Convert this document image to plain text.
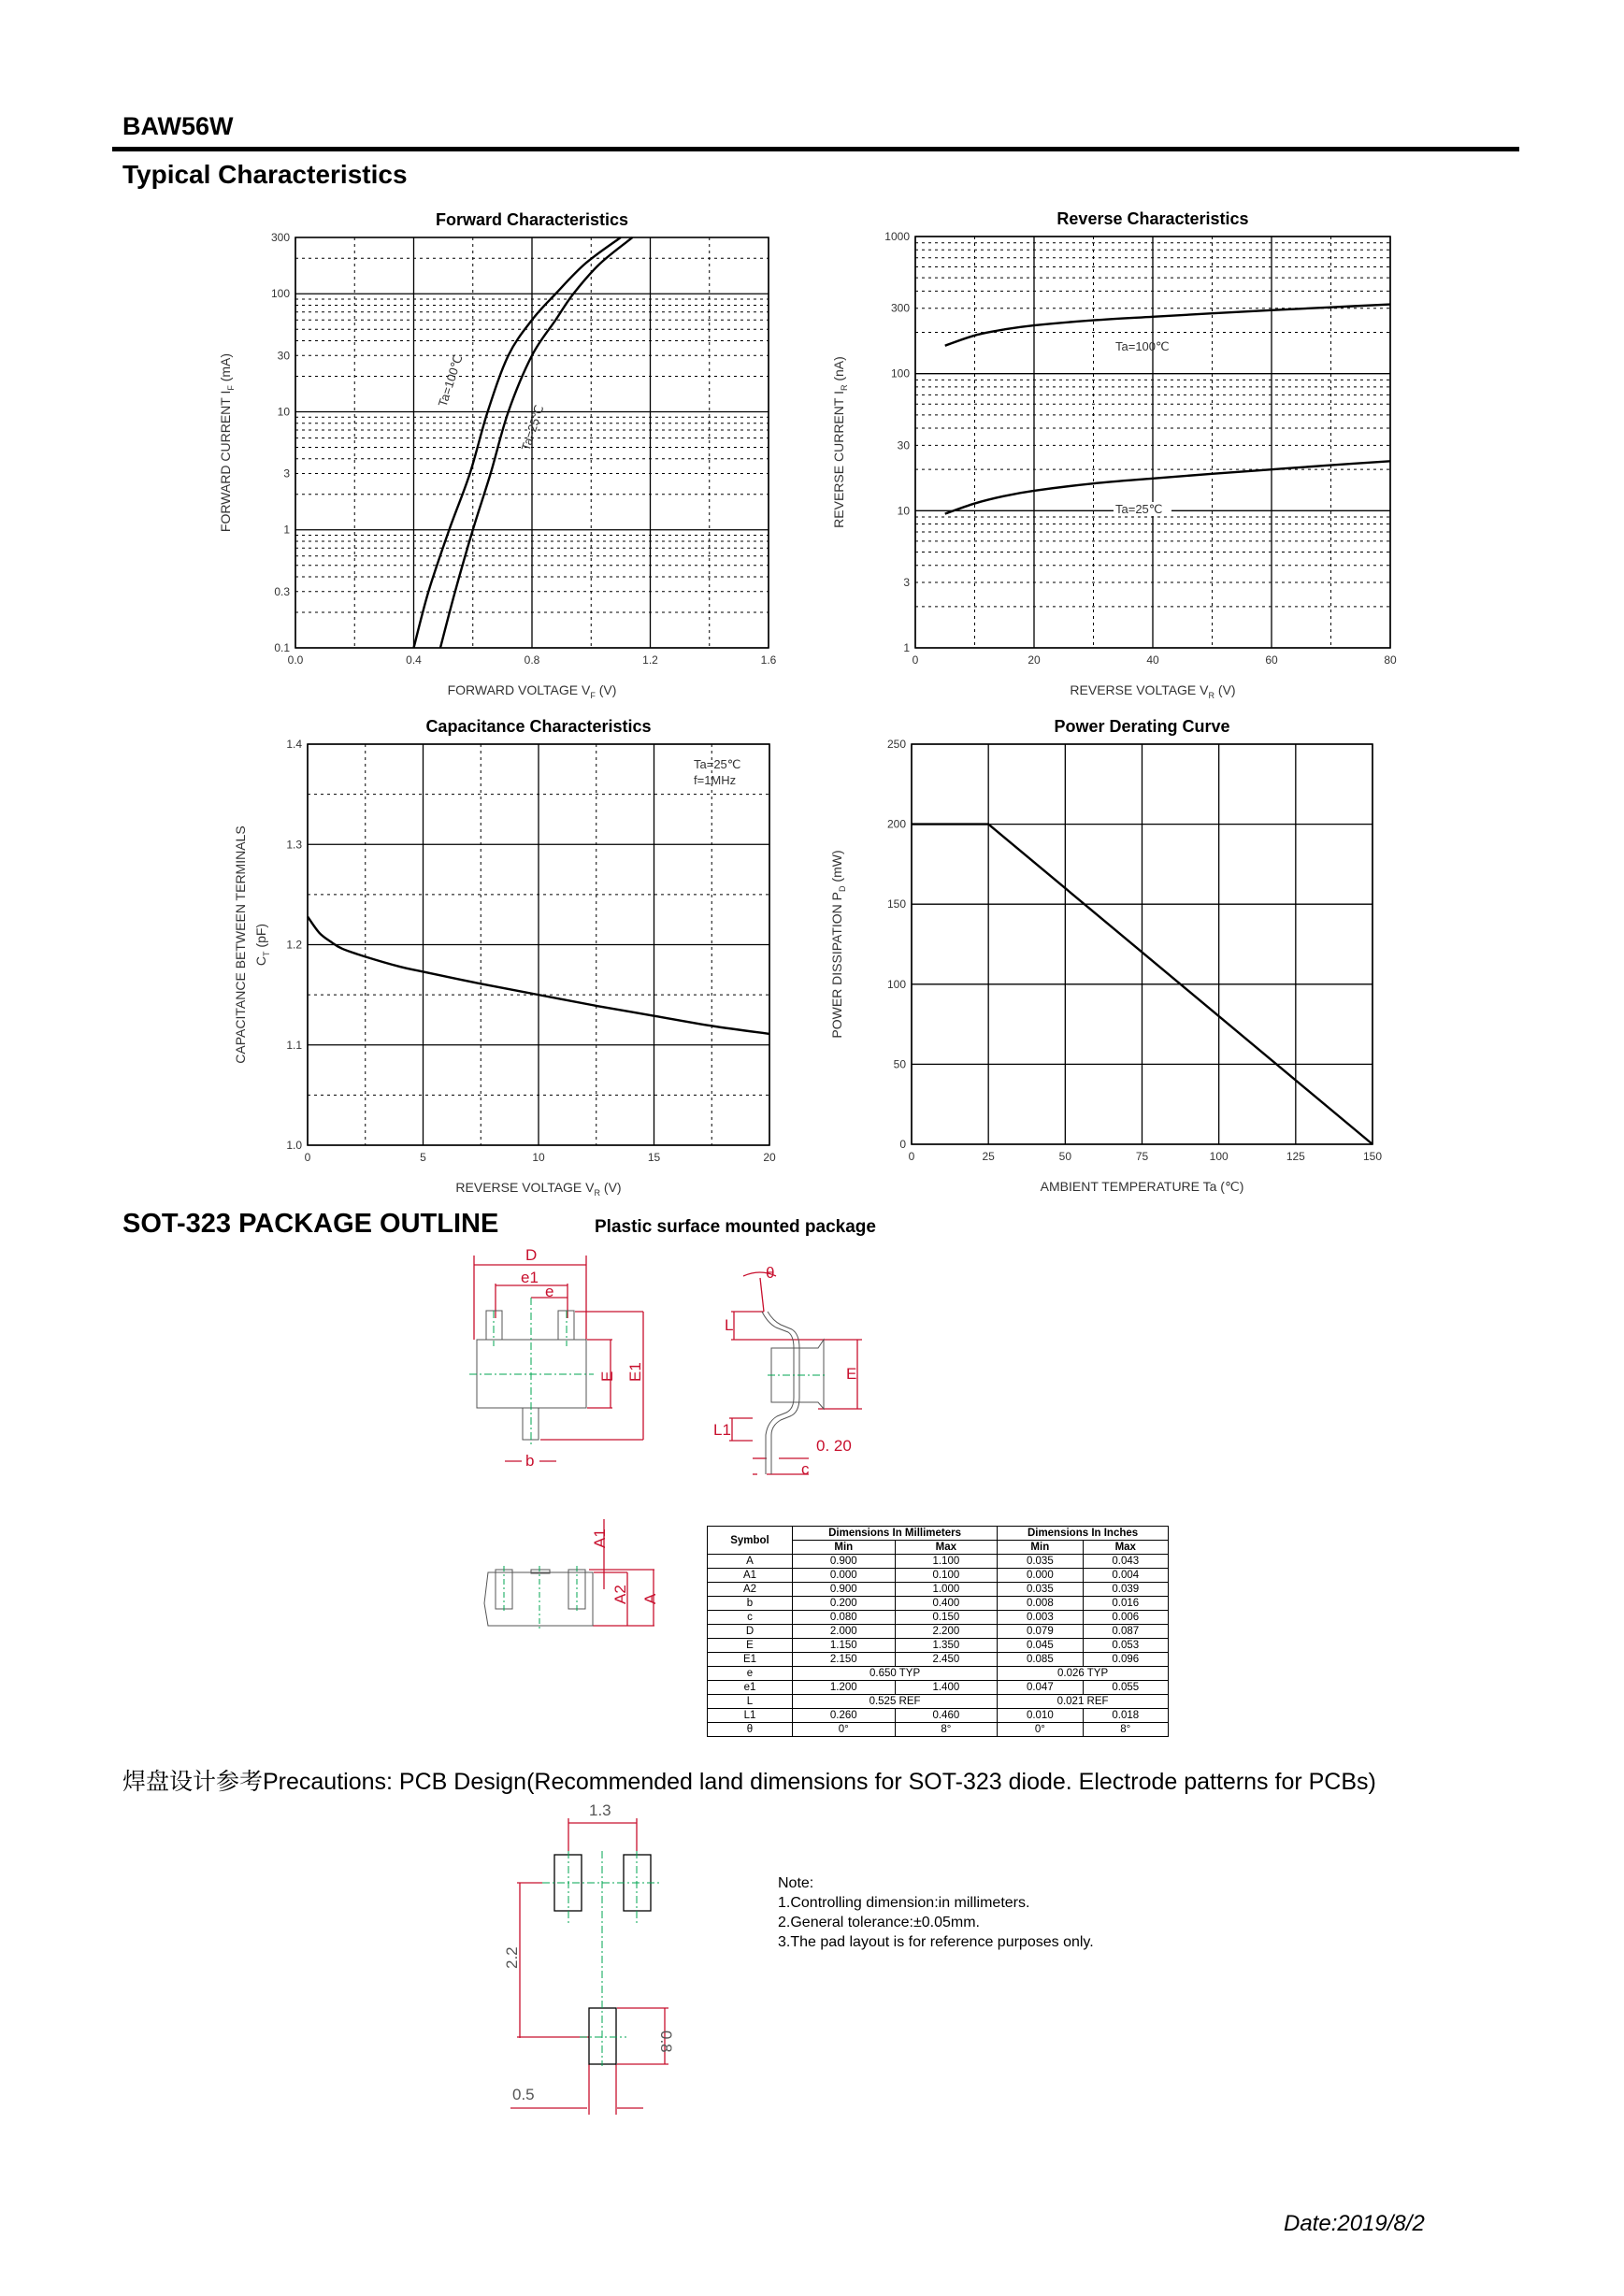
BAW56W
Typical Characteristics
Forward Characteristics
0.0	0.4	0.8	1.2	1.6
0.1
0.3
1
3
10
30
100
300
FORWARD VOLTAGE $V_F$ (V)
FORWARD CURRENT $I_F$ (mA)	Ta=100℃
Ta=25℃
Reverse Characteristics
0	20	40	60	80
1
3
10
30
100
300
1000
REVERSE VOLTAGE $V_R$ (V)
REVERSE CURRENT $I_R$ (nA)
Ta=100℃
Ta=25℃
Capacitance Characteristics
0	5	10	15	20
1.0
1.1
1.2
1.3
1.4
REVERSE VOLTAGE $V_R$ (V)
CAPACITANCE BETWEEN TERMINALS $C_T$ (pF)
Ta=25℃
f=1MHz
Power Derating Curve
0	25	50	75	100	125	150
0
50
100
150
200
250
AMBIENT TEMPERATURE Ta (℃)
POWER DISSIPATION $P_D$ (mW)
SOT-323 PACKAGE OUTLINE	Plastic surface mounted package
D
e1
e
E E1
b
θ
L
E
L1
0. 20
c
A1
A2 A
Symbol	Dimensions In Millimeters		Dimensions In Inches	
	Min	Max	Min	Max
A	0.900	1.100	0.035	0.043
A1	0.000	0.100	0.000	0.004
A2	0.900	1.000	0.035	0.039
b	0.200	0.400	0.008	0.016
c	0.080	0.150	0.003	0.006
D	2.000	2.200	0.079	0.087
E	1.150	1.350	0.045	0.053
E1	2.150	2.450	0.085	0.096
e	0.650 TYP		0.026 TYP	
e1	1.200	1.400	0.047	0.055
L	0.525 REF		0.021 REF	
L1	0.260	0.460	0.010	0.018
θ	0°	8°	0°	8°
焊盘设计参考Precautions: PCB Design(Recommended land dimensions for SOT-323 diode. Electrode patterns for PCBs)
1.3
2.2
0.8
0.5
Note:
1.Controlling dimension:in millimeters.
2.General tolerance:±0.05mm.
3.The pad layout is for reference purposes only.
Date:2019/8/2
